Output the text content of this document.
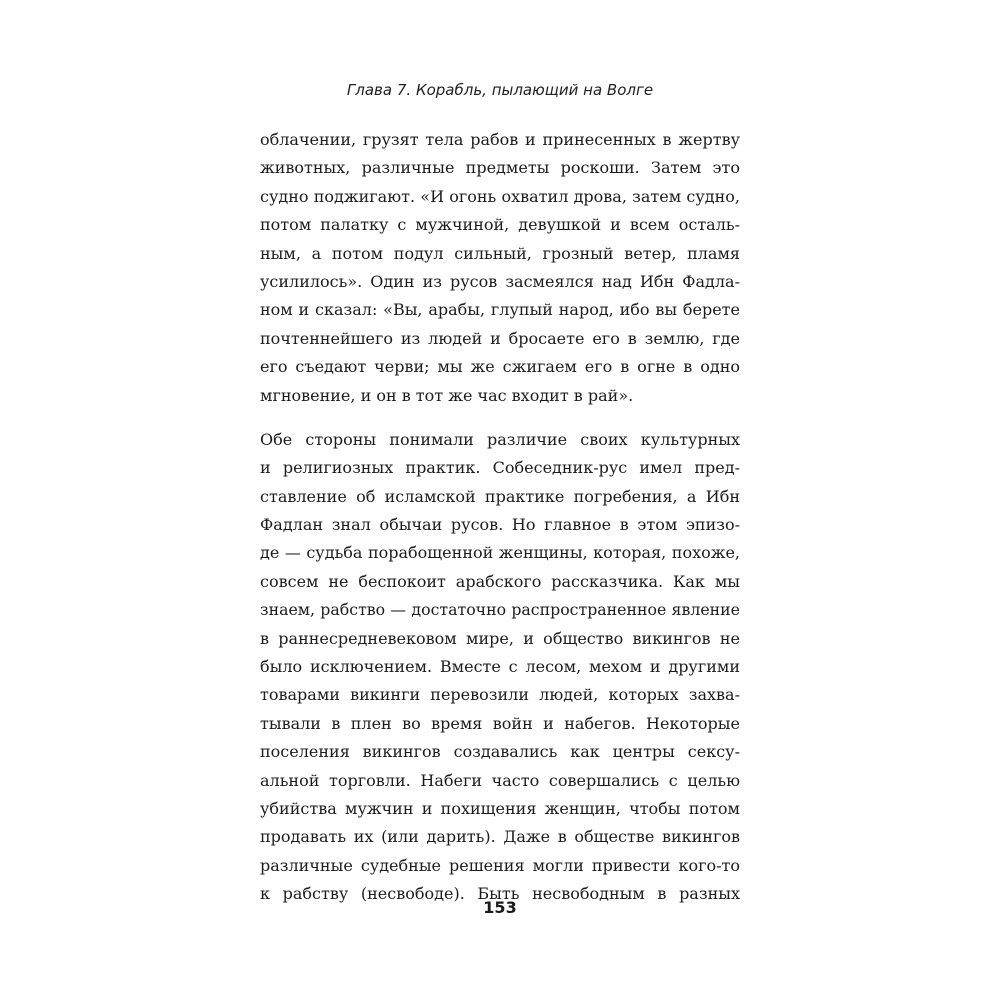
Глава 7. Корабль, пылающий на Волге
облачении, грузят тела рабов и принесенных в жертву
животных, различные предметы роскоши. Затем это
судно поджигают. «И огонь охватил дрова, затем судно,
потом палатку с мужчиной, девушкой и всем осталь-
ным, а потом подул сильный, грозный ветер, пламя
усилилось». Один из русов засмеялся над Ибн Фадла-
ном и сказал: «Вы, арабы, глупый народ, ибо вы берете
почтеннейшего из людей и бросаете его в землю, где
его съедают черви; мы же сжигаем его в огне в одно
мгновение, и он в тот же час входит в рай».
Обе стороны понимали различие своих культурных
и религиозных практик. Собеседник-рус имел пред-
ставление об исламской практике погребения, а Ибн
Фадлан знал обычаи русов. Но главное в этом эпизо-
де — судьба порабощенной женщины, которая, похоже,
совсем не беспокоит арабского рассказчика. Как мы
знаем, рабство — достаточно распространенное явление
в раннесредневековом мире, и общество викингов не
было исключением. Вместе с лесом, мехом и другими
товарами викинги перевозили людей, которых захва-
тывали в плен во время войн и набегов. Некоторые
поселения викингов создавались как центры сексу-
альной торговли. Набеги часто совершались с целью
убийства мужчин и похищения женщин, чтобы потом
продавать их (или дарить). Даже в обществе викингов
различные судебные решения могли привести кого-то
к рабству (несвободе). Быть несвободным в разных
153
